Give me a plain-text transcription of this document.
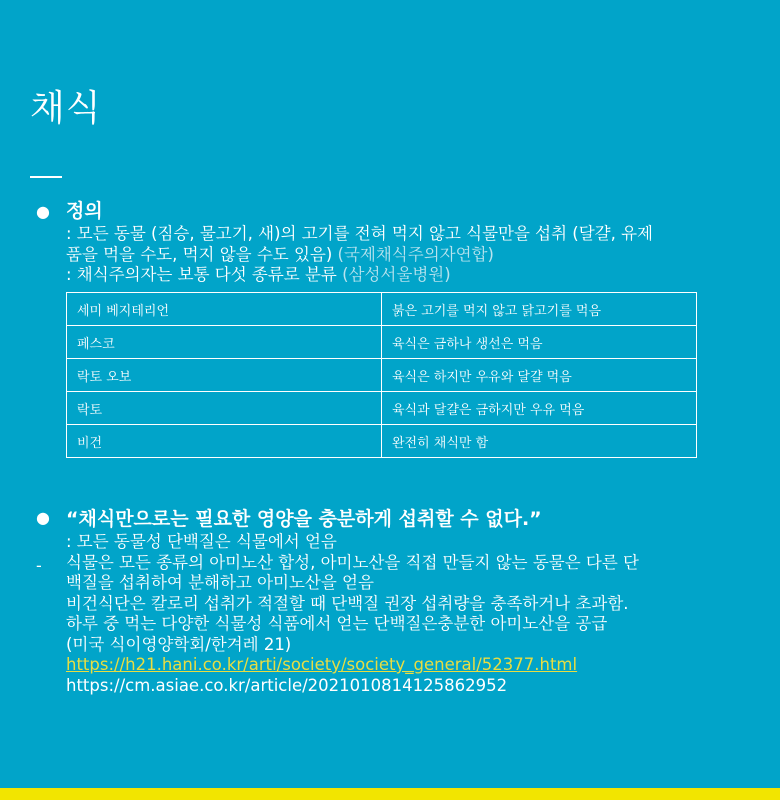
채식
● 정의
: 모든 동물 (짐승, 물고기, 새)의 고기를 전혀 먹지 않고 식물만을 섭취 (달걀, 유제
품을 먹을 수도, 먹지 않을 수도 있음) (국제채식주의자연합)
: 채식주의자는 보통 다섯 종류로 분류 (삼성서울병원)
세미 베지테리언	붉은 고기를 먹지 않고 닭고기를 먹음
페스코	육식은 금하나 생선은 먹음
락토 오보	육식은 하지만 우유와 달걀 먹음
락토	육식과 달걀은 금하지만 우유 먹음
비건	완전히 채식만 함
●
-
“채식만으로는 필요한 영양을 충분하게 섭취할 수 없다.”
: 모든 동물성 단백질은 식물에서 얻음
식물은 모든 종류의 아미노산 합성, 아미노산을 직접 만들지 않는 동물은 다른 단
백질을 섭취하여 분해하고 아미노산을 얻음
비건식단은 칼로리 섭취가 적절할 때 단백질 권장 섭취량을 충족하거나 초과함.
하루 중 먹는 다양한 식물성 식품에서 얻는 단백질은충분한 아미노산을 공급
(미국 식이영양학회/한겨레 21)
https://h21.hani.co.kr/arti/society/society_general/52377.html
https://cm.asiae.co.kr/article/2021010814125862952
